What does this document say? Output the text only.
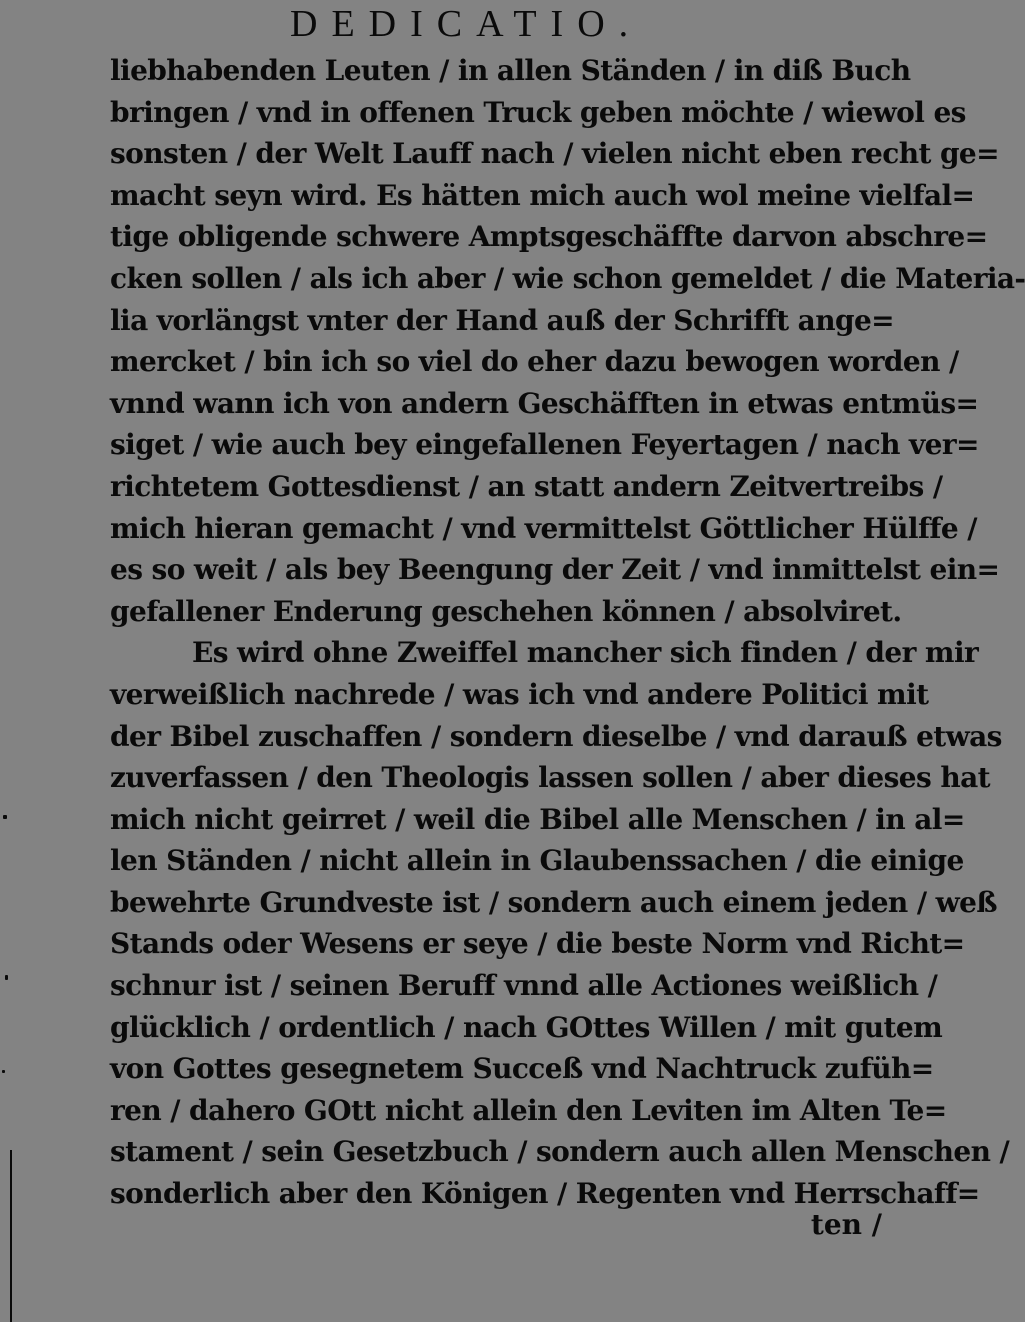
DEDICATIO.
liebhabenden Leuten / in allen Ständen / in diß Buch
bringen / vnd in offenen Truck geben möchte / wiewol es
sonsten / der Welt Lauff nach / vielen nicht eben recht ge=
macht seyn wird. Es hätten mich auch wol meine vielfal=
tige obligende schwere Amptsgeschäffte darvon abschre=
cken sollen / als ich aber / wie schon gemeldet / die Materia-
lia vorlängst vnter der Hand auß der Schrifft ange=
mercket / bin ich so viel do eher dazu bewogen worden /
vnnd wann ich von andern Geschäfften in etwas entmüs=
siget / wie auch bey eingefallenen Feyertagen / nach ver=
richtetem Gottesdienst / an statt andern Zeitvertreibs /
mich hieran gemacht / vnd vermittelst Göttlicher Hülffe /
es so weit / als bey Beengung der Zeit / vnd inmittelst ein=
gefallener Enderung geschehen können / absolviret.
Es wird ohne Zweiffel mancher sich finden / der mir
verweißlich nachrede / was ich vnd andere Politici mit
der Bibel zuschaffen / sondern dieselbe / vnd darauß etwas
zuverfassen / den Theologis lassen sollen / aber dieses hat
mich nicht geirret / weil die Bibel alle Menschen / in al=
len Ständen / nicht allein in Glaubenssachen / die einige
bewehrte Grundveste ist / sondern auch einem jeden / weß
Stands oder Wesens er seye / die beste Norm vnd Richt=
schnur ist / seinen Beruff vnnd alle Actiones weißlich /
glücklich / ordentlich / nach GOttes Willen / mit gutem
von Gottes gesegnetem Succeß vnd Nachtruck zufüh=
ren / dahero GOtt nicht allein den Leviten im Alten Te=
stament / sein Gesetzbuch / sondern auch allen Menschen /
sonderlich aber den Königen / Regenten vnd Herrschaff=
ten /
